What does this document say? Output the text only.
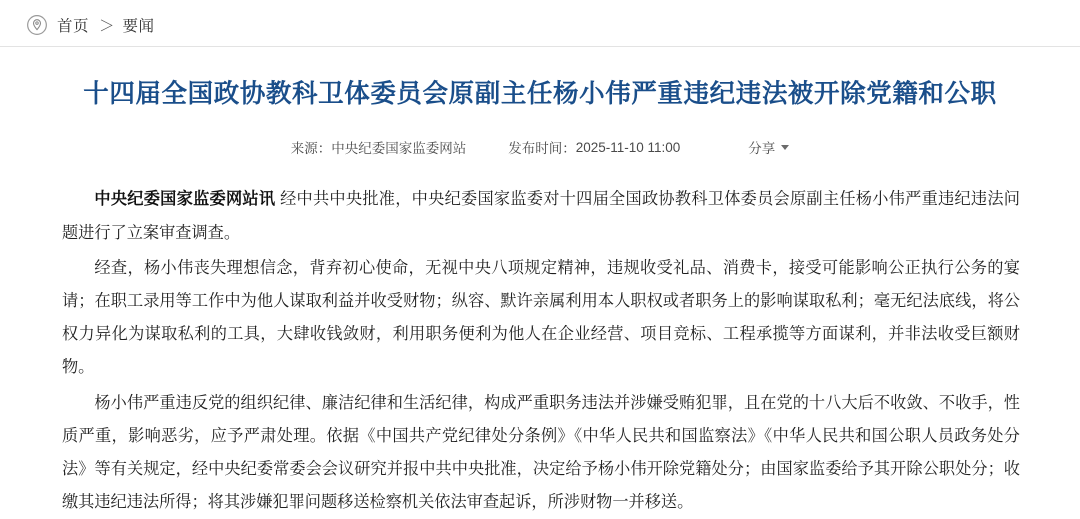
首页 ＞ 要闻
十四届全国政协教科卫体委员会原副主任杨小伟严重违纪违法被开除党籍和公职
来源： 中央纪委国家监委网站	发布时间： 2025-11-10 11:00	分享

中央纪委国家监委网站讯 经中共中央批准，中央纪委国家监委对十四届全国政协教科卫体委员会原副主任杨小伟严重违纪违法问题进行了立案审查调查。

经查，杨小伟丧失理想信念，背弃初心使命，无视中央八项规定精神，违规收受礼品、消费卡，接受可能影响公正执行公务的宴请；在职工录用等工作中为他人谋取利益并收受财物；纵容、默许亲属利用本人职权或者职务上的影响谋取私利；毫无纪法底线，将公权力异化为谋取私利的工具，大肆收钱敛财，利用职务便利为他人在企业经营、项目竞标、工程承揽等方面谋利，并非法收受巨额财物。

杨小伟严重违反党的组织纪律、廉洁纪律和生活纪律，构成严重职务违法并涉嫌受贿犯罪，且在党的十八大后不收敛、不收手，性质严重，影响恶劣，应予严肃处理。依据《中国共产党纪律处分条例》《中华人民共和国监察法》《中华人民共和国公职人员政务处分法》等有关规定，经中央纪委常委会会议研究并报中共中央批准，决定给予杨小伟开除党籍处分；由国家监委给予其开除公职处分；收缴其违纪违法所得；将其涉嫌犯罪问题移送检察机关依法审查起诉，所涉财物一并移送。
